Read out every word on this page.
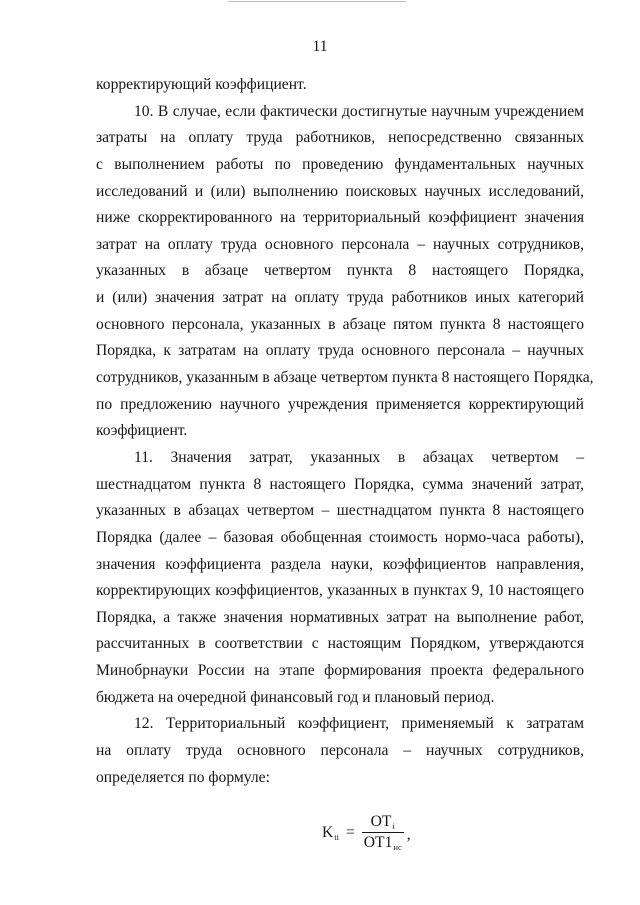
11
корректирующий коэффициент.
10. В случае, если фактически достигнутые научным учреждением
затраты на оплату труда работников, непосредственно связанных
с выполнением работы по проведению фундаментальных научных
исследований и (или) выполнению поисковых научных исследований,
ниже скорректированного на территориальный коэффициент значения
затрат на оплату труда основного персонала – научных сотрудников,
указанных в абзаце четвертом пункта 8 настоящего Порядка,
и (или) значения затрат на оплату труда работников иных категорий
основного персонала, указанных в абзаце пятом пункта 8 настоящего
Порядка, к затратам на оплату труда основного персонала – научных
сотрудников, указанным в абзаце четвертом пункта 8 настоящего Порядка,
по предложению научного учреждения применяется корректирующий
коэффициент.
11. Значения затрат, указанных в абзацах четвертом –
шестнадцатом пункта 8 настоящего Порядка, сумма значений затрат,
указанных в абзацах четвертом – шестнадцатом пункта 8 настоящего
Порядка (далее – базовая обобщенная стоимость нормо-часа работы),
значения коэффициента раздела науки, коэффициентов направления,
корректирующих коэффициентов, указанных в пунктах 9, 10 настоящего
Порядка, а также значения нормативных затрат на выполнение работ,
рассчитанных в соответствии с настоящим Порядком, утверждаются
Минобрнауки России на этапе формирования проекта федерального
бюджета на очередной финансовый год и плановый период.
12. Территориальный коэффициент, применяемый к затратам
на оплату труда основного персонала – научных сотрудников,
определяется по формуле:
K ti = $\frac{\text{OTi}}{OT1нс}$ ,
